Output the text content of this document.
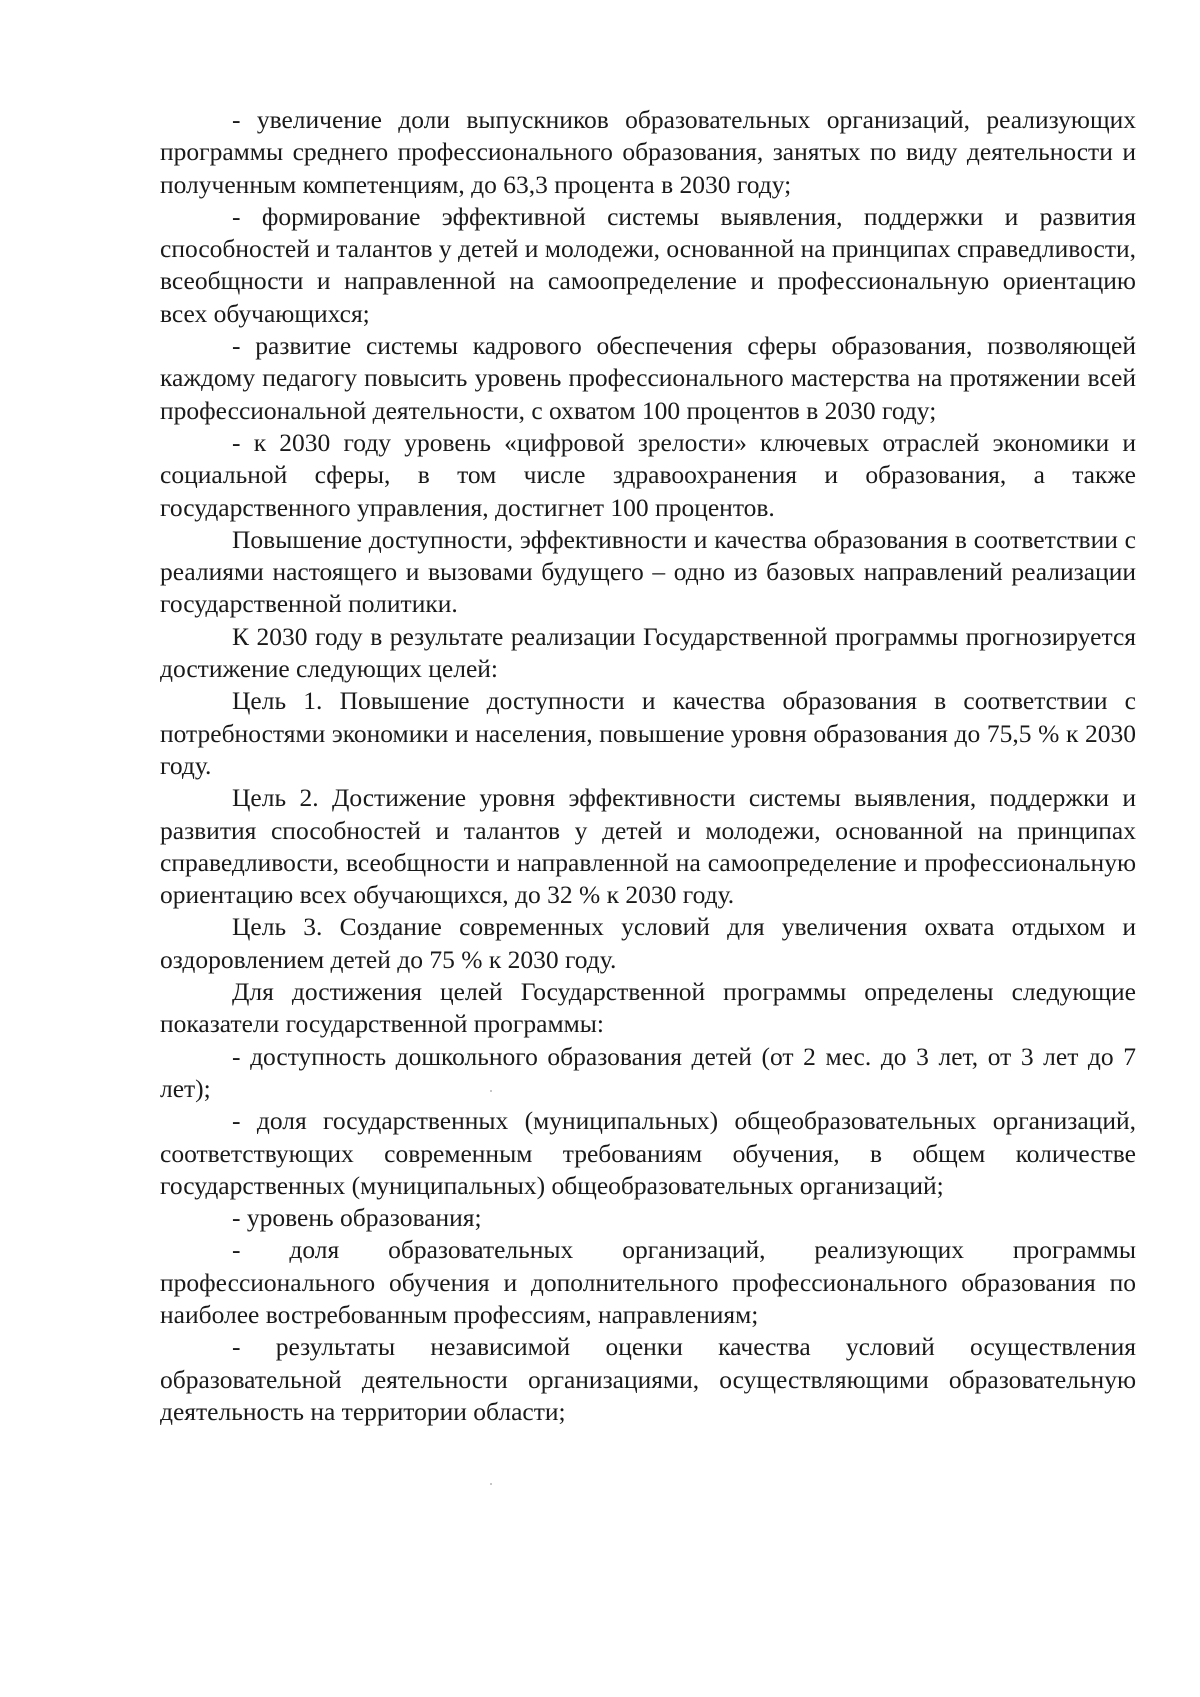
- увеличение доли выпускников образовательных организаций, реализующих программы среднего профессионального образования, занятых по виду деятельности и полученным компетенциям, до 63,3 процента в 2030 году;

- формирование эффективной системы выявления, поддержки и развития способностей и талантов у детей и молодежи, основанной на принципах справедливости, всеобщности и направленной на самоопределение и профессиональную ориентацию всех обучающихся;

- развитие системы кадрового обеспечения сферы образования, позволяющей каждому педагогу повысить уровень профессионального мастерства на протяжении всей профессиональной деятельности, с охватом 100 процентов в 2030 году;

- к 2030 году уровень «цифровой зрелости» ключевых отраслей экономики и социальной сферы, в том числе здравоохранения и образования, а также государственного управления, достигнет 100 процентов.

Повышение доступности, эффективности и качества образования в соответствии с реалиями настоящего и вызовами будущего – одно из базовых направлений реализации государственной политики.

К 2030 году в результате реализации Государственной программы прогнозируется достижение следующих целей:

Цель 1. Повышение доступности и качества образования в соответствии с потребностями экономики и населения, повышение уровня образования до 75,5 % к 2030 году.

Цель 2. Достижение уровня эффективности системы выявления, поддержки и развития способностей и талантов у детей и молодежи, основанной на принципах справедливости, всеобщности и направленной на самоопределение и профессиональную ориентацию всех обучающихся, до 32 % к 2030 году.

Цель 3. Создание современных условий для увеличения охвата отдыхом и оздоровлением детей до 75 % к 2030 году.

Для достижения целей Государственной программы определены следующие показатели государственной программы:

- доступность дошкольного образования детей (от 2 мес. до 3 лет, от 3 лет до 7 лет);

- доля государственных (муниципальных) общеобразовательных организаций, соответствующих современным требованиям обучения, в общем количестве государственных (муниципальных) общеобразовательных организаций;

- уровень образования;

- доля образовательных организаций, реализующих программы профессионального обучения и дополнительного профессионального образования по наиболее востребованным профессиям, направлениям;

- результаты независимой оценки качества условий осуществления образовательной деятельности организациями, осуществляющими образовательную деятельность на территории области;
